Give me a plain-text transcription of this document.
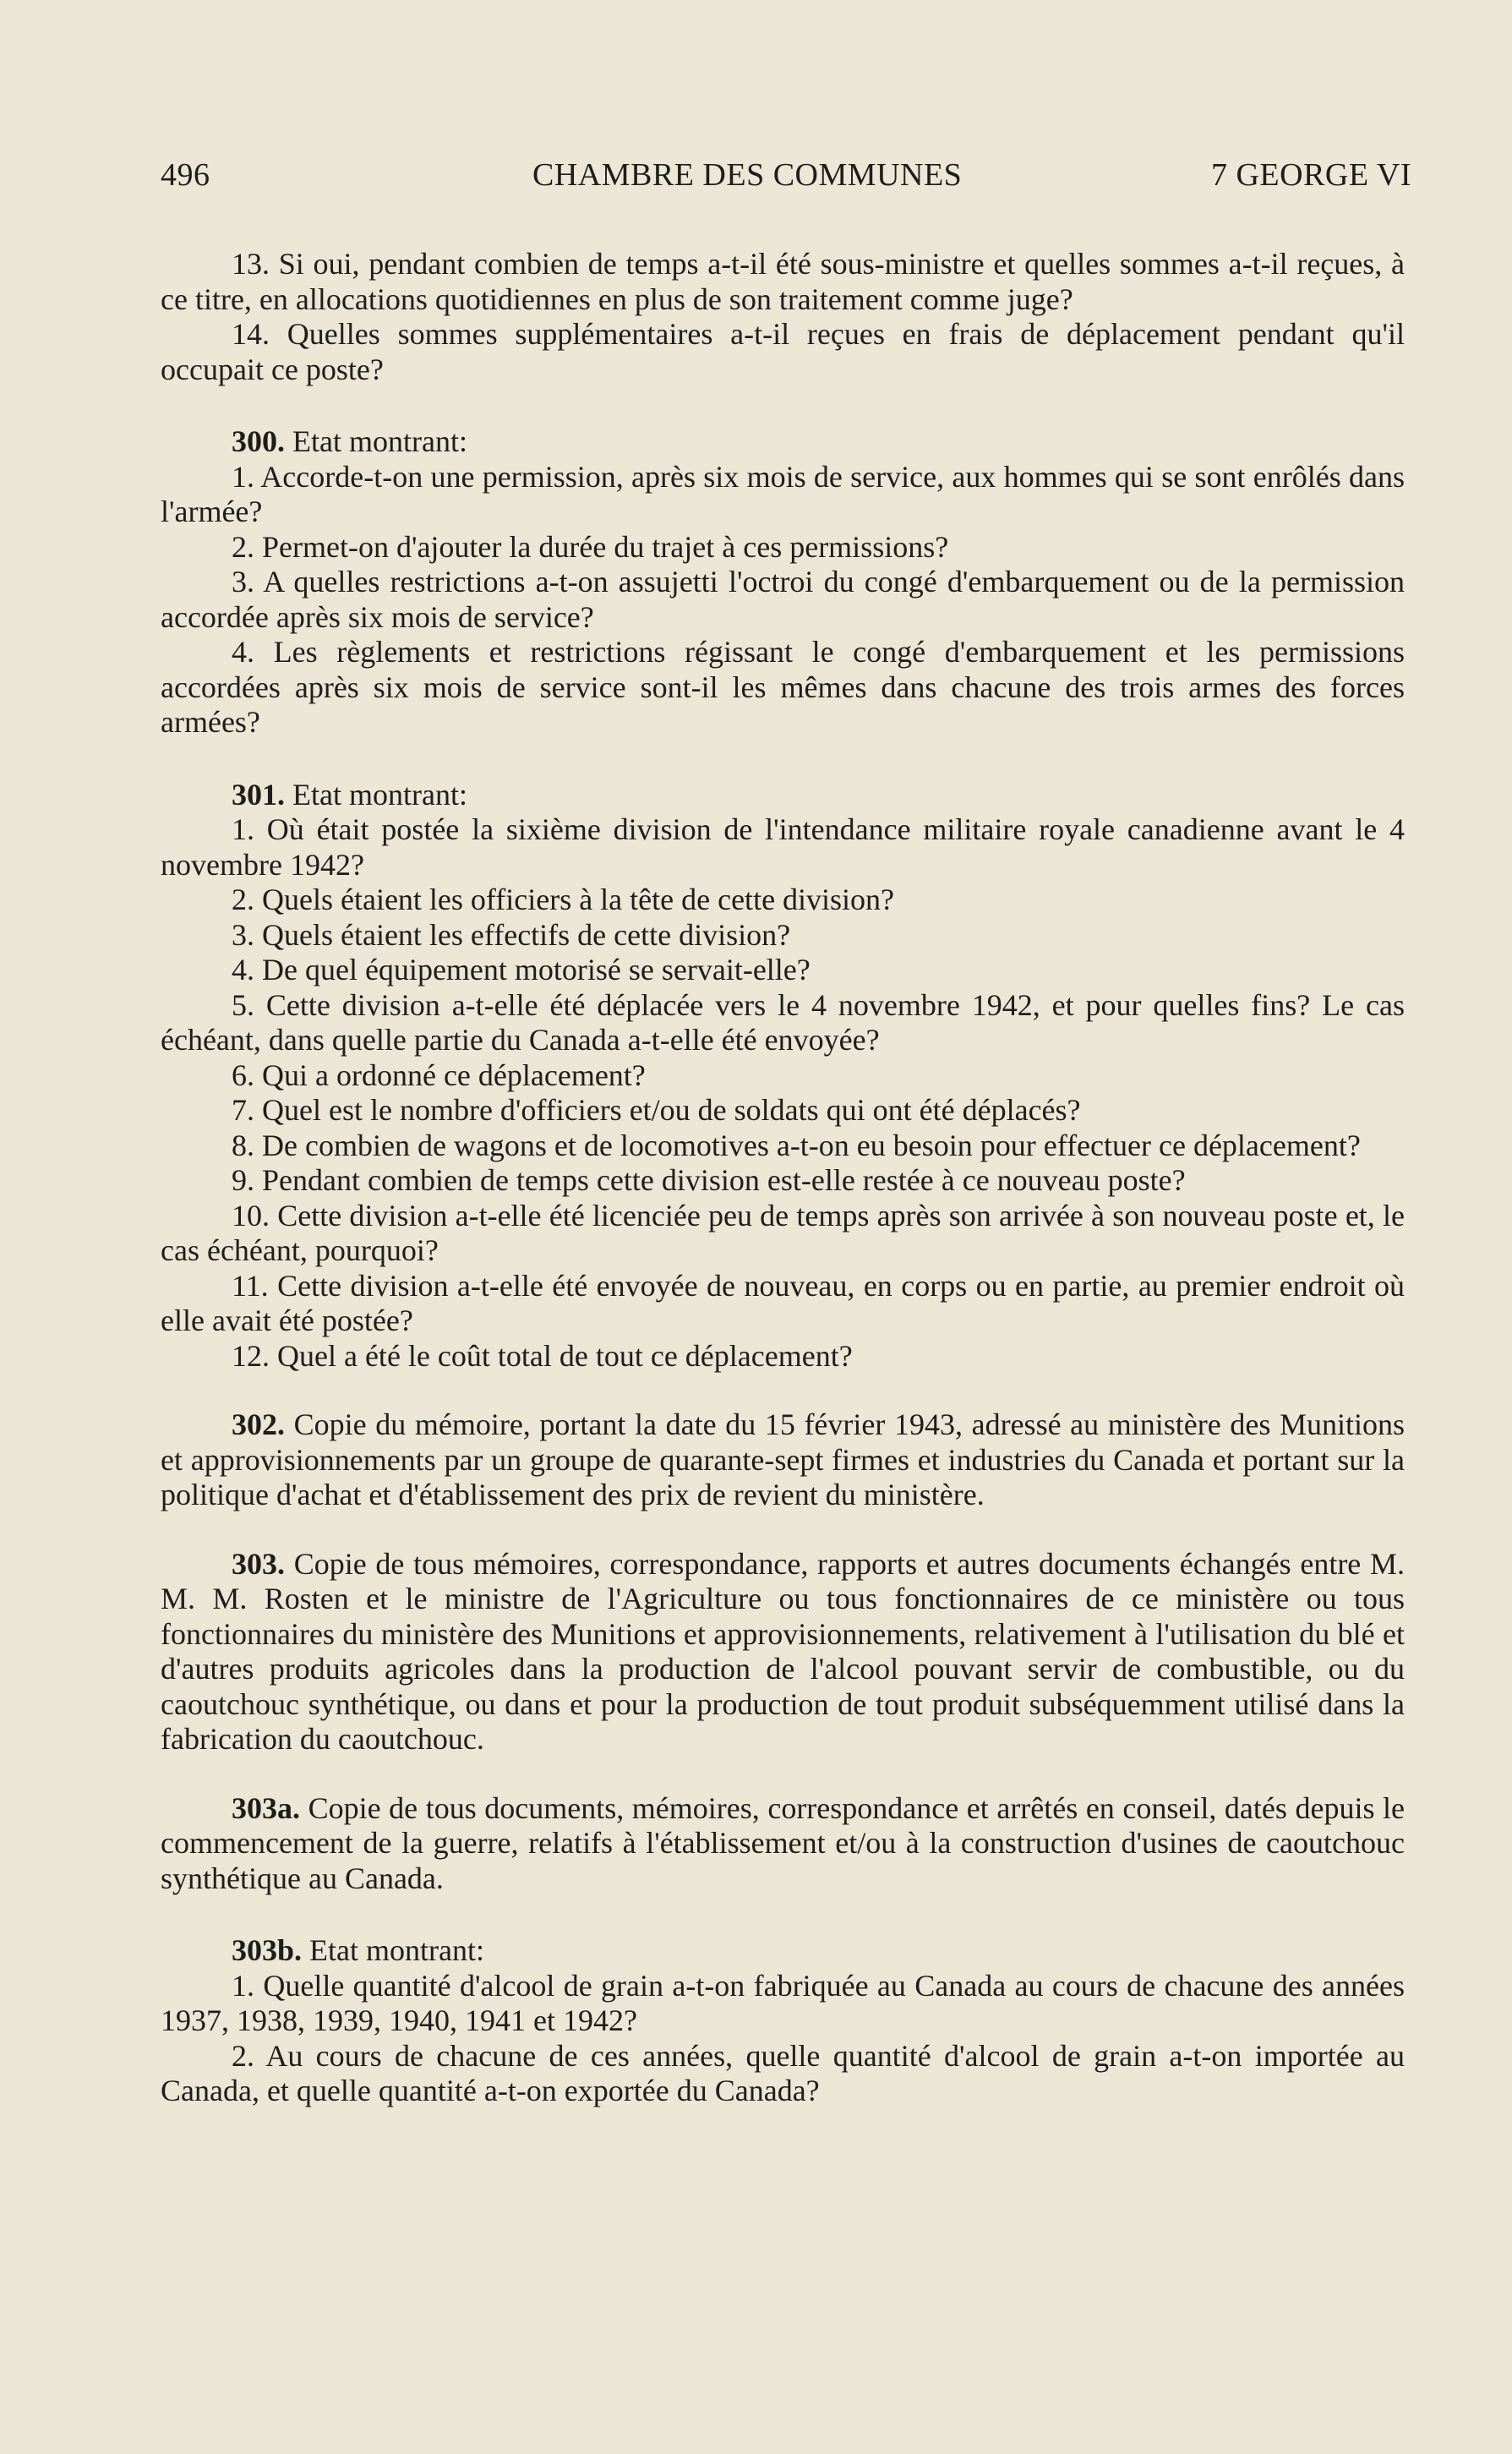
496	CHAMBRE DES COMMUNES	7 GEORGE VI

13. Si oui, pendant combien de temps a-t-il été sous-ministre et quelles sommes a-t-il reçues, à ce titre, en allocations quotidiennes en plus de son traitement comme juge?

14. Quelles sommes supplémentaires a-t-il reçues en frais de déplacement pendant qu'il occupait ce poste?

300. Etat montrant:

1. Accorde-t-on une permission, après six mois de service, aux hommes qui se sont enrôlés dans l'armée?

2. Permet-on d'ajouter la durée du trajet à ces permissions?

3. A quelles restrictions a-t-on assujetti l'octroi du congé d'embarquement ou de la permission accordée après six mois de service?

4. Les règlements et restrictions régissant le congé d'embarquement et les permissions accordées après six mois de service sont-il les mêmes dans chacune des trois armes des forces armées?

301. Etat montrant:

1. Où était postée la sixième division de l'intendance militaire royale canadienne avant le 4 novembre 1942?

2. Quels étaient les officiers à la tête de cette division?

3. Quels étaient les effectifs de cette division?

4. De quel équipement motorisé se servait-elle?

5. Cette division a-t-elle été déplacée vers le 4 novembre 1942, et pour quelles fins? Le cas échéant, dans quelle partie du Canada a-t-elle été envoyée?

6. Qui a ordonné ce déplacement?

7. Quel est le nombre d'officiers et/ou de soldats qui ont été déplacés?

8. De combien de wagons et de locomotives a-t-on eu besoin pour effectuer ce déplacement?

9. Pendant combien de temps cette division est-elle restée à ce nouveau poste?

10. Cette division a-t-elle été licenciée peu de temps après son arrivée à son nouveau poste et, le cas échéant, pourquoi?

11. Cette division a-t-elle été envoyée de nouveau, en corps ou en partie, au premier endroit où elle avait été postée?

12. Quel a été le coût total de tout ce déplacement?

302. Copie du mémoire, portant la date du 15 février 1943, adressé au ministère des Munitions et approvisionnements par un groupe de quarante-sept firmes et industries du Canada et portant sur la politique d'achat et d'établissement des prix de revient du ministère.

303. Copie de tous mémoires, correspondance, rapports et autres documents échangés entre M. M. M. Rosten et le ministre de l'Agriculture ou tous fonctionnaires de ce ministère ou tous fonctionnaires du ministère des Munitions et approvisionnements, relativement à l'utilisation du blé et d'autres produits agricoles dans la production de l'alcool pouvant servir de combustible, ou du caoutchouc synthétique, ou dans et pour la production de tout produit subséquemment utilisé dans la fabrication du caoutchouc.

303a. Copie de tous documents, mémoires, correspondance et arrêtés en conseil, datés depuis le commencement de la guerre, relatifs à l'établissement et/ou à la construction d'usines de caoutchouc synthétique au Canada.

303b. Etat montrant:

1. Quelle quantité d'alcool de grain a-t-on fabriquée au Canada au cours de chacune des années 1937, 1938, 1939, 1940, 1941 et 1942?

2. Au cours de chacune de ces années, quelle quantité d'alcool de grain a-t-on importée au Canada, et quelle quantité a-t-on exportée du Canada?
